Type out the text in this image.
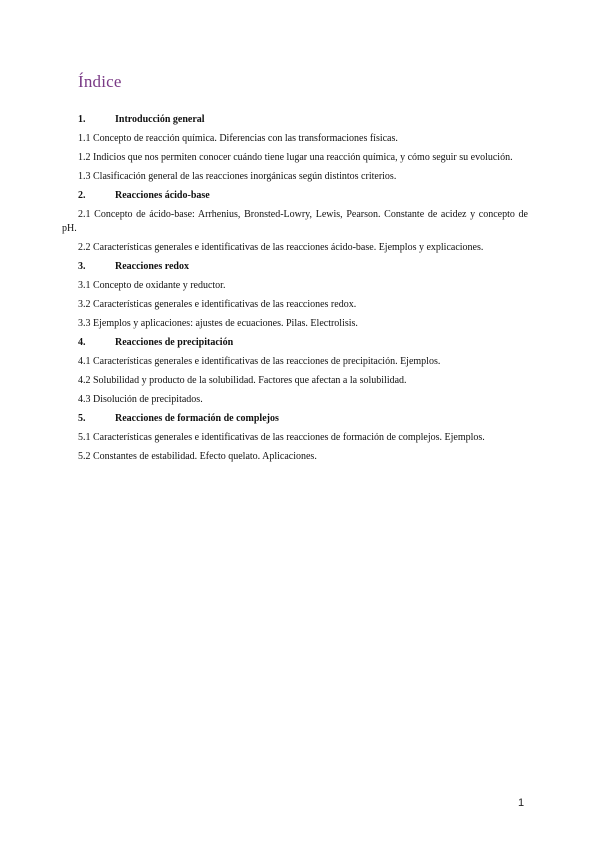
Índice
1.	Introducción general
1.1 Concepto de reacción química. Diferencias con las transformaciones físicas.
1.2 Indicios que nos permiten conocer cuándo tiene lugar una reacción química, y cómo seguir su evolución.
1.3 Clasificación general de las reacciones inorgánicas según distintos criterios.
2.	Reacciones ácido-base
2.1 Concepto de ácido-base: Arrhenius, Bronsted-Lowry, Lewis, Pearson. Constante de acidez y concepto de pH.
2.2 Características generales e identificativas de las reacciones ácido-base. Ejemplos y explicaciones.
3.	Reacciones redox
3.1 Concepto de oxidante y reductor.
3.2 Características generales e identificativas de las reacciones redox.
3.3 Ejemplos y aplicaciones: ajustes de ecuaciones. Pilas. Electrolisis.
4.	Reacciones de precipitación
4.1 Características generales e identificativas de las reacciones de precipitación. Ejemplos.
4.2 Solubilidad y producto de la solubilidad. Factores que afectan a la solubilidad.
4.3 Disolución de precipitados.
5.	Reacciones de formación de complejos
5.1 Características generales e identificativas de las reacciones de formación de complejos. Ejemplos.
5.2 Constantes de estabilidad. Efecto quelato. Aplicaciones.
1
